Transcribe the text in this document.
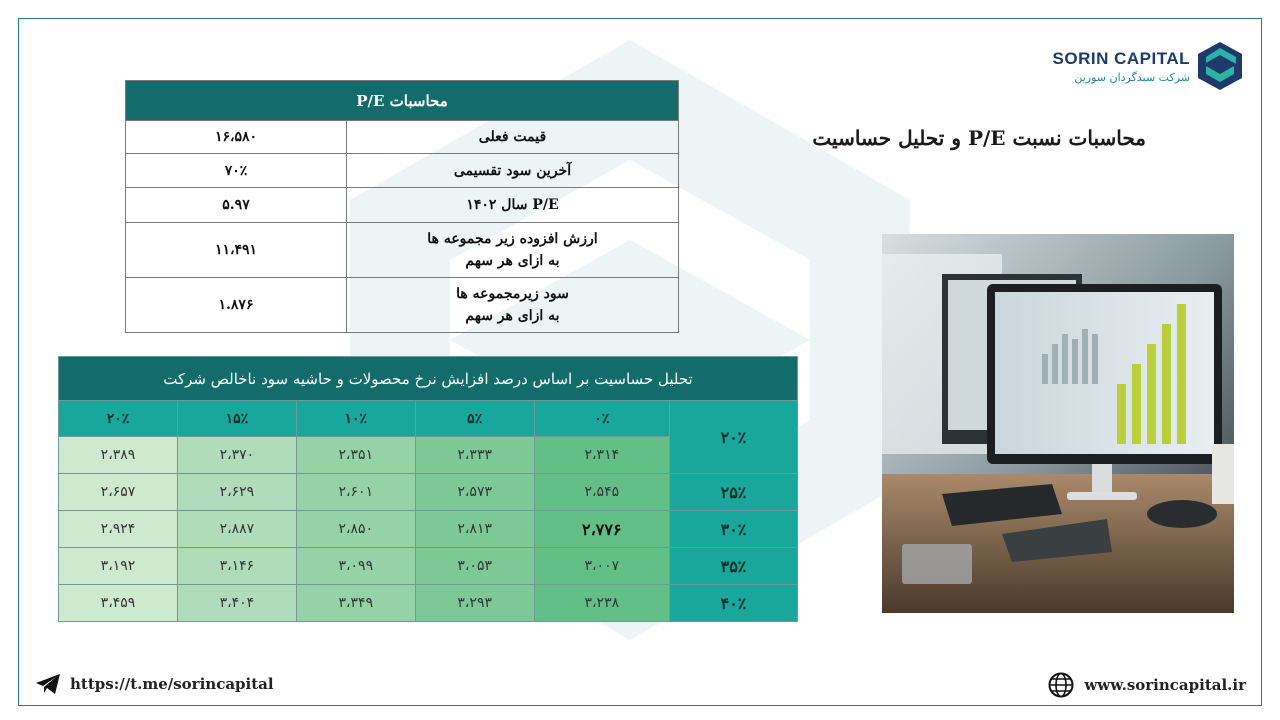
SORIN CAPITAL
شرکت سبدگردان سورین
محاسبات نسبت P/E و تحلیل حساسیت
محاسبات P/E	
قیمت فعلی	۱۶،۵۸۰
آخرین سود تقسیمی	۷۰٪
P/E سال ۱۴۰۲	۵.۹۷
ارزش افزوده زیر مجموعه ها
به ازای هر سهم	۱۱،۴۹۱
سود زیرمجموعه ها
به ازای هر سهم	۱.۸۷۶
تحلیل حساسیت بر اساس درصد افزایش نرخ محصولات و حاشیه سود ناخالص شرکت					
۲۰٪	۰٪	۵٪	۱۰٪	۱۵٪	۲۰٪
	۲،۳۱۴	۲،۳۳۳	۲،۳۵۱	۲،۳۷۰	۲،۳۸۹
۲۵٪	۲،۵۴۵	۲،۵۷۳	۲،۶۰۱	۲،۶۲۹	۲،۶۵۷
۳۰٪	۲،۷۷۶	۲،۸۱۳	۲،۸۵۰	۲،۸۸۷	۲،۹۲۴
۳۵٪	۳،۰۰۷	۳،۰۵۳	۳،۰۹۹	۳،۱۴۶	۳،۱۹۲
۴۰٪	۳،۲۳۸	۳،۲۹۳	۳،۳۴۹	۳،۴۰۴	۳،۴۵۹
https://t.me/sorincapital	www.sorincapital.ir
